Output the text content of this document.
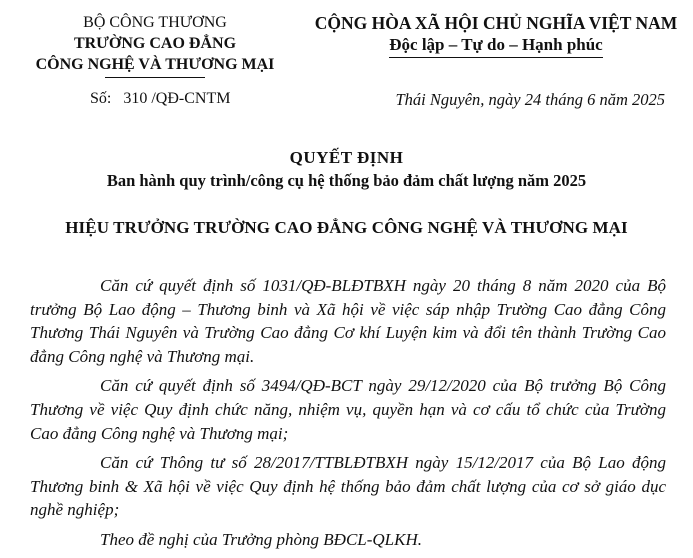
BỘ CÔNG THƯƠNG
TRƯỜNG CAO ĐẲNG
CÔNG NGHỆ VÀ THƯƠNG MẠI
CỘNG HÒA XÃ HỘI CHỦ NGHĨA VIỆT NAM
Độc lập – Tự do – Hạnh phúc
Số: 310 /QĐ-CNTM	Thái Nguyên, ngày 24 tháng 6 năm 2025
QUYẾT ĐỊNH
Ban hành quy trình/công cụ hệ thống bảo đảm chất lượng năm 2025
HIỆU TRƯỞNG TRƯỜNG CAO ĐẲNG CÔNG NGHỆ VÀ THƯƠNG MẠI

Căn cứ quyết định số 1031/QĐ-BLĐTBXH ngày 20 tháng 8 năm 2020 của Bộ trưởng Bộ Lao động – Thương binh và Xã hội về việc sáp nhập Trường Cao đẳng Công Thương Thái Nguyên và Trường Cao đẳng Cơ khí Luyện kim và đổi tên thành Trường Cao đẳng Công nghệ và Thương mại.

Căn cứ quyết định số 3494/QĐ-BCT ngày 29/12/2020 của Bộ trưởng Bộ Công Thương về việc Quy định chức năng, nhiệm vụ, quyền hạn và cơ cấu tổ chức của Trường Cao đẳng Công nghệ và Thương mại;

Căn cứ Thông tư số 28/2017/TTBLĐTBXH ngày 15/12/2017 của Bộ Lao động Thương binh & Xã hội về việc Quy định hệ thống bảo đảm chất lượng của cơ sở giáo dục nghề nghiệp;

Theo đề nghị của Trưởng phòng BĐCL-QLKH.
